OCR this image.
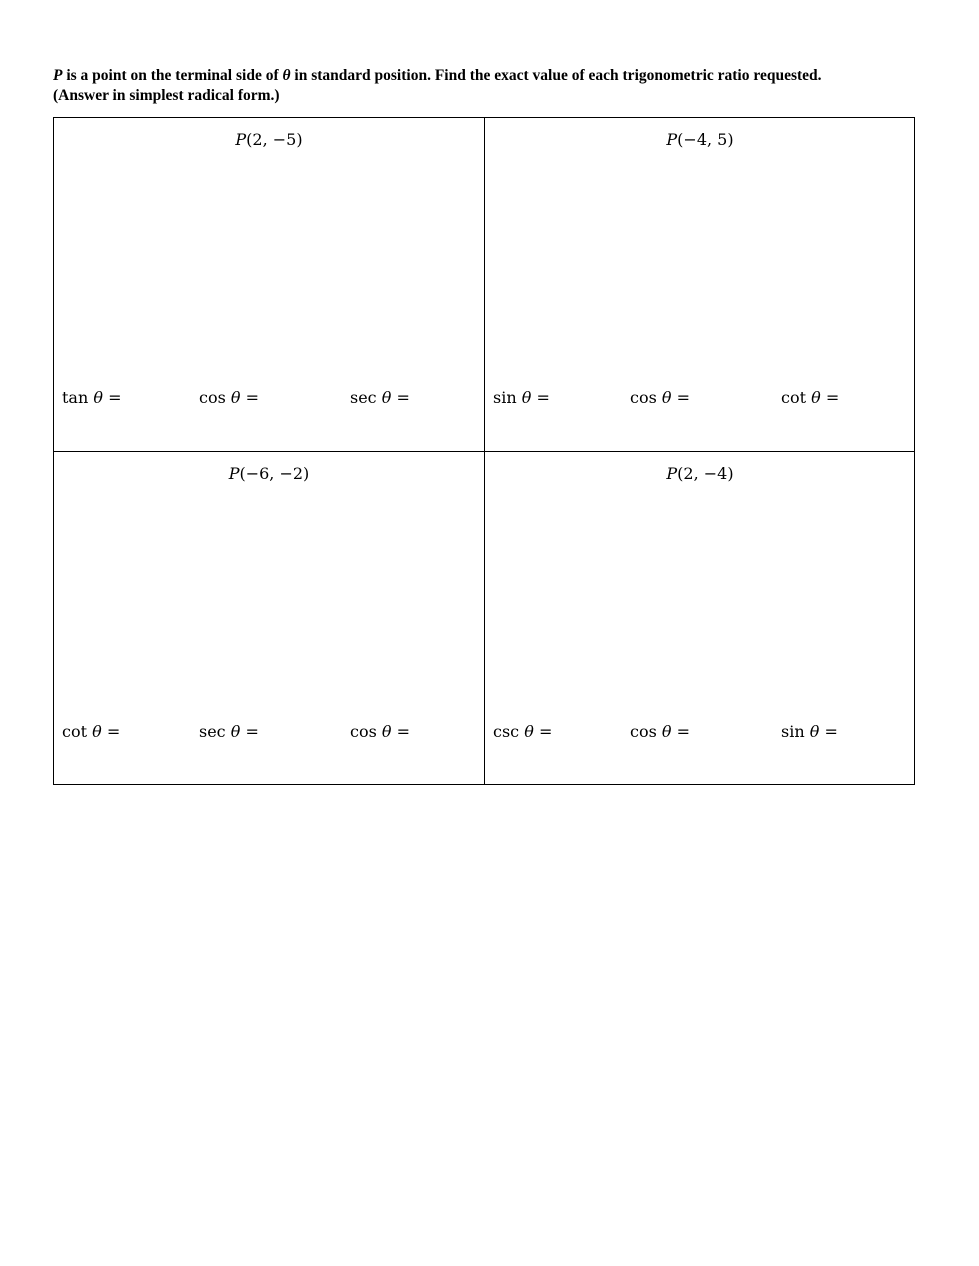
P is a point on the terminal side of θ in standard position. Find the exact value of each trigonometric ratio requested.
(Answer in simplest radical form.)
P(2, −5)
tan θ =	cos θ =	sec θ =
P(−4, 5)
sin θ =	cos θ =	cot θ =
P(−6, −2)
cot θ =	sec θ =	cos θ =
P(2, −4)
csc θ =	cos θ =	sin θ =
